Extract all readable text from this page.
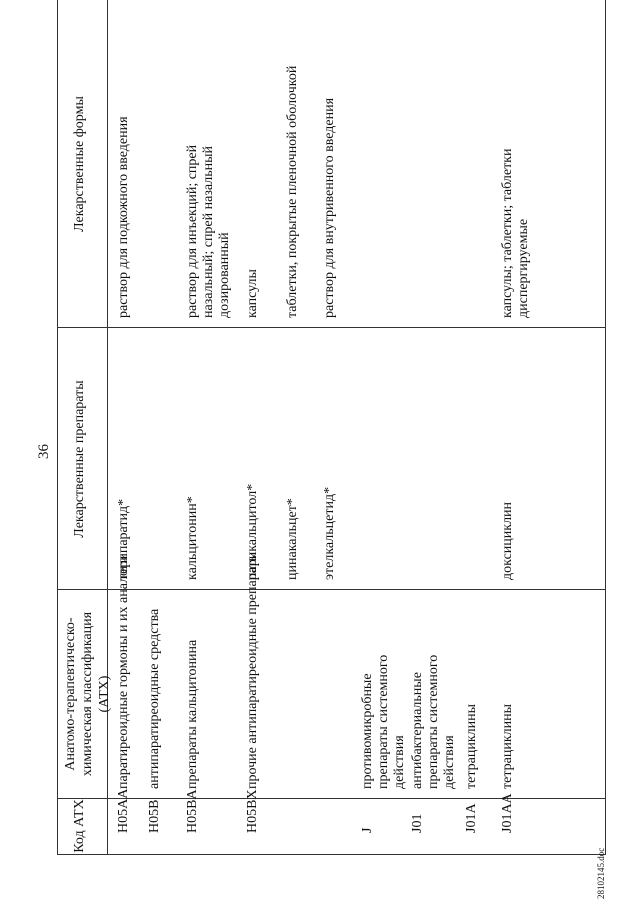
36
Код АТХ
Анатомо-терапевтическо-химическая классификация (АТХ)
Лекарственные препараты
Лекарственные формы
H05AA
паратиреоидные гормоны и их аналоги
терипаратид*
раствор для подкожного введения
H05B
антипаратиреоидные средства
H05BA
препараты кальцитонина
кальцитонин*
раствор для инъекций; спрей назальный; спрей назальный дозированный
H05BX
прочие антипаратиреоидные препараты
парикальцитол*
капсулы
цинакальцет*
таблетки, покрытые пленочной оболочкой
этелкальцетид*
раствор для внутривенного введения
J
противомикробные препараты системного действия
J01
антибактериальные препараты системного действия
J01A
тетрациклины
J01AA
тетрациклины
доксициклин
капсулы; таблетки; таблетки диспергируемые
28102145.doc
